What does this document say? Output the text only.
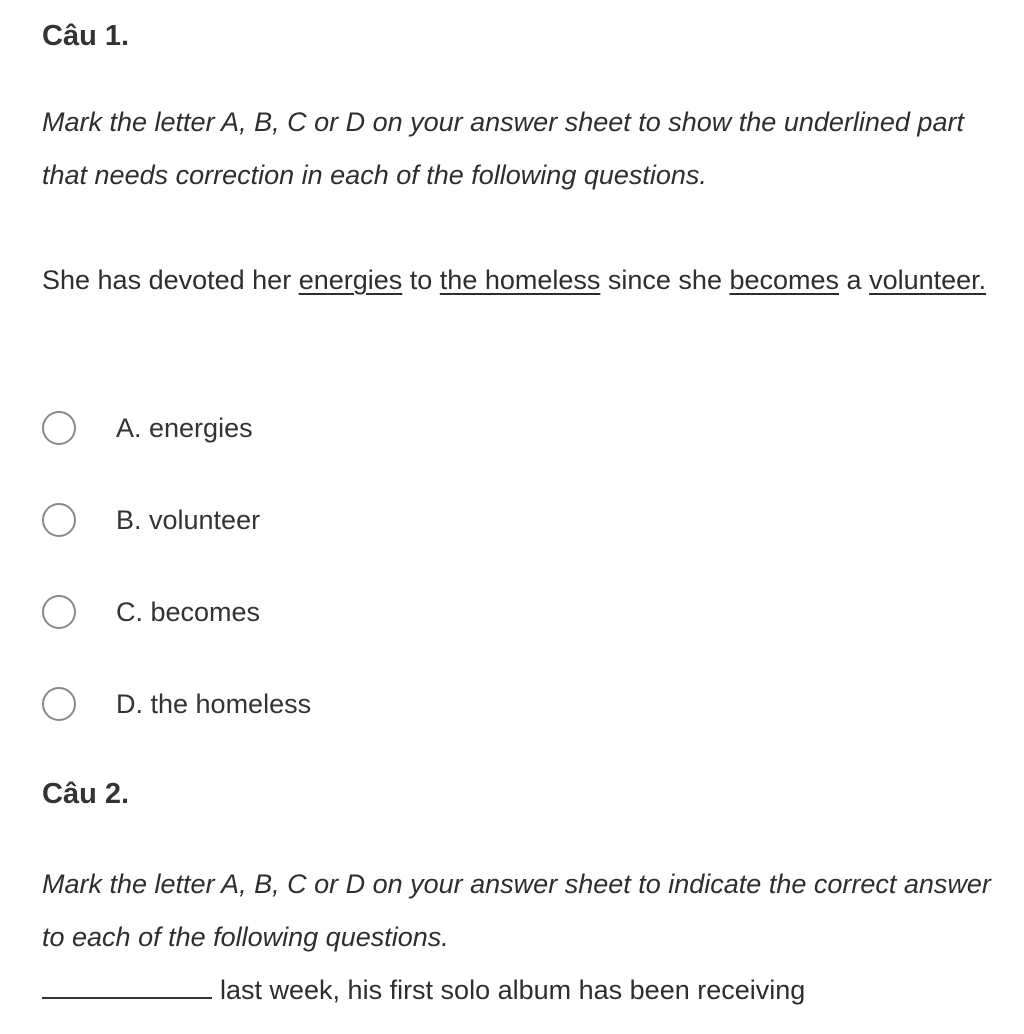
Câu 1.
Mark the letter A, B, C or D on your answer sheet to show the underlined part that needs correction in each of the following questions.
She has devoted her energies to the homeless since she becomes a volunteer.
A. energies
B. volunteer
C. becomes
D. the homeless
Câu 2.
Mark the letter A, B, C or D on your answer sheet to indicate the correct answer to each of the following questions.
last week, his first solo album has been receiving
